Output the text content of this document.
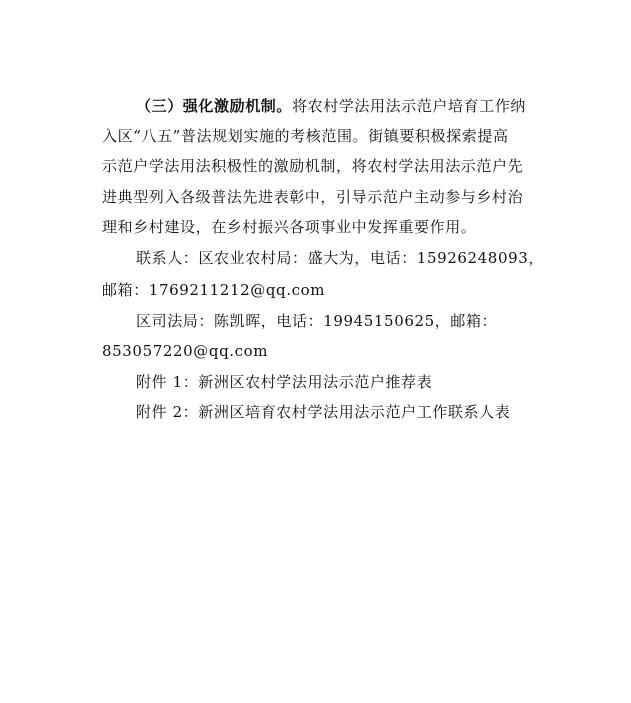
（三）强化激励机制。将农村学法用法示范户培育工作纳
入区“八五”普法规划实施的考核范围。街镇要积极探索提高
示范户学法用法积极性的激励机制，将农村学法用法示范户先
进典型列入各级普法先进表彰中，引导示范户主动参与乡村治
理和乡村建设，在乡村振兴各项事业中发挥重要作用。
联系人：区农业农村局：盛大为，电话：15926248093，
邮箱：1769211212@qq.com
区司法局：陈凯晖，电话：19945150625，邮箱：
853057220@qq.com
附件 1：新洲区农村学法用法示范户推荐表
附件 2：新洲区培育农村学法用法示范户工作联系人表
